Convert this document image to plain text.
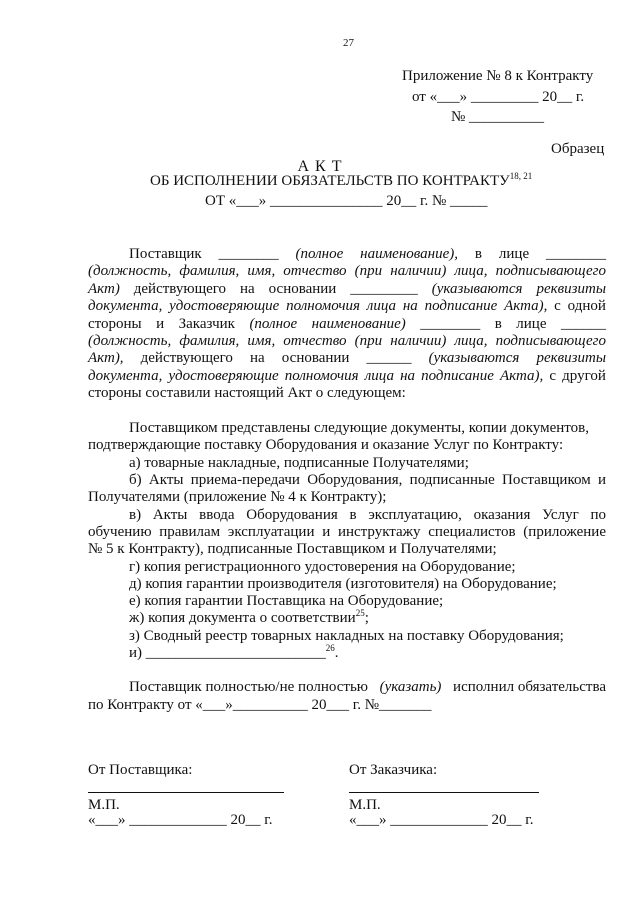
27
Приложение № 8 к Контракту
от «___» _________ 20__ г.
№ __________
Образец
А К Т
ОБ ИСПОЛНЕНИИ ОБЯЗАТЕЛЬСТВ ПО КОНТРАКТУ$^{18, 21}$
ОТ «___» _______________ 20__ г. № _____
Поставщик ________ (полное наименование), в лице ________
(должность, фамилия, имя, отчество (при наличии) лица, подписывающего
Акт) действующего на основании _________ (указываются реквизиты
документа, удостоверяющие полномочия лица на подписание Акта), с одной
стороны и Заказчик (полное наименование) ________ в лице ______
(должность, фамилия, имя, отчество (при наличии) лица, подписывающего
Акт), действующего на основании ______ (указываются реквизиты
документа, удостоверяющие полномочия лица на подписание Акта), с другой
стороны составили настоящий Акт о следующем:
Поставщиком представлены следующие документы, копии документов,
подтверждающие поставку Оборудования и оказание Услуг по Контракту:
а) товарные накладные, подписанные Получателями;
б) Акты приема-передачи Оборудования, подписанные Поставщиком и
Получателями (приложение № 4 к Контракту);
в) Акты ввода Оборудования в эксплуатацию, оказания Услуг по
обучению правилам эксплуатации и инструктажу специалистов (приложение
№ 5 к Контракту), подписанные Поставщиком и Получателями;
г) копия регистрационного удостоверения на Оборудование;
д) копия гарантии производителя (изготовителя) на Оборудование;
е) копия гарантии Поставщика на Оборудование;
ж) копия документа о соответствии$^{25}$;
з) Сводный реестр товарных накладных на поставку Оборудования;
и) ________________________$^{26}$.
Поставщик полностью/не полностью (указать) исполнил обязательства
по Контракту от «___»__________ 20___ г. №_______
От Поставщика:	От Заказчика:
М.П.	М.П.
«___» _____________ 20__ г.	«___» _____________ 20__ г.
